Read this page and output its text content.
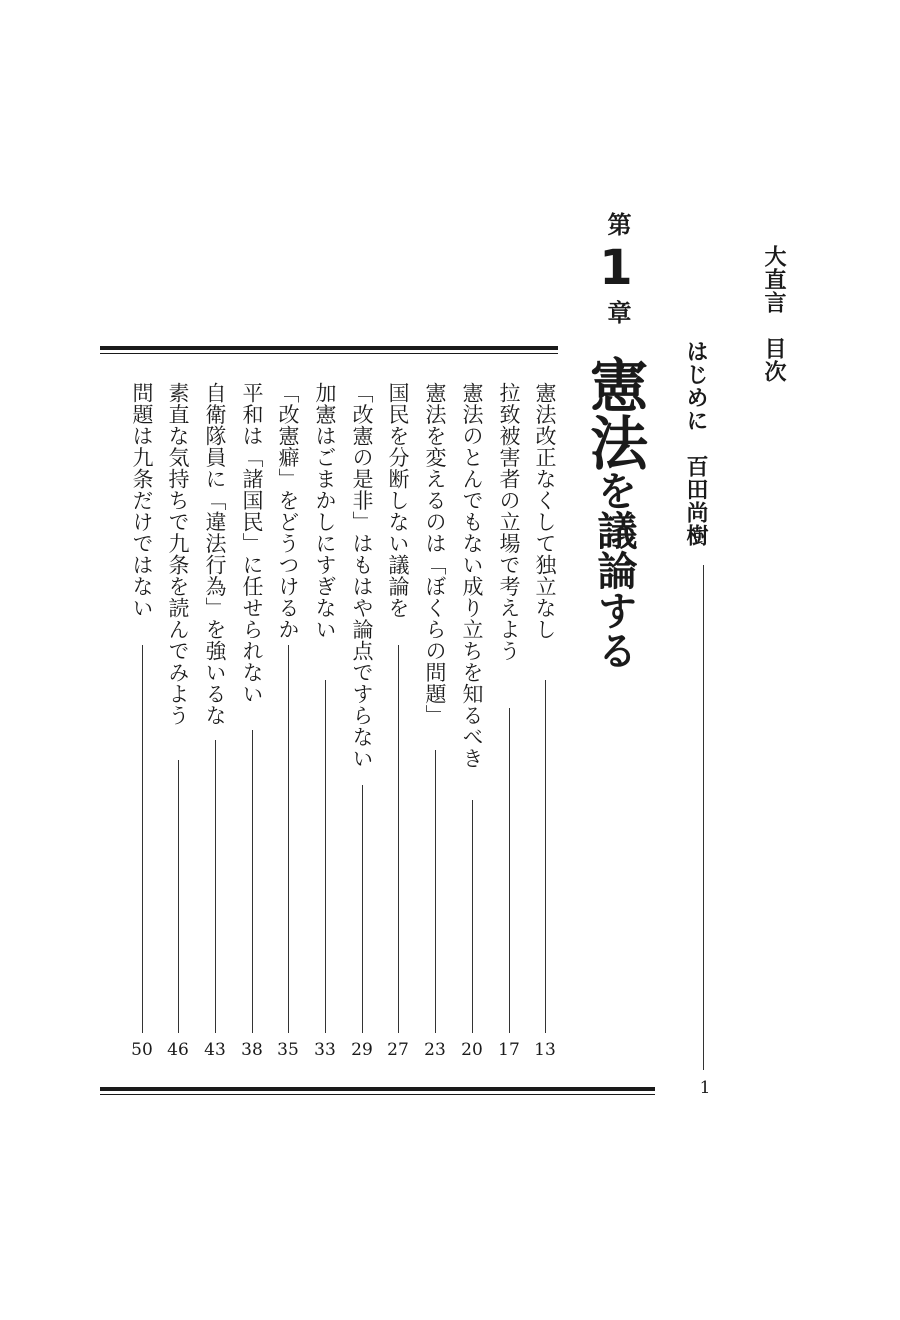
大直言　目次
はじめに
百田尚樹
1
第
1
章
憲法
を議論する
憲法改正なくして独立なし
13
拉致被害者の立場で考えよう
17
憲法のとんでもない成り立ちを知るべき
20
憲法を変えるのは「ぼくらの問題」
23
国民を分断しない議論を
27
「改憲の是非」はもはや論点ですらない
29
加憲はごまかしにすぎない
33
「改憲癖」をどうつけるか
35
平和は「諸国民」に任せられない
38
自衛隊員に「違法行為」を強いるな
43
素直な気持ちで九条を読んでみよう
46
問題は九条だけではない
50
